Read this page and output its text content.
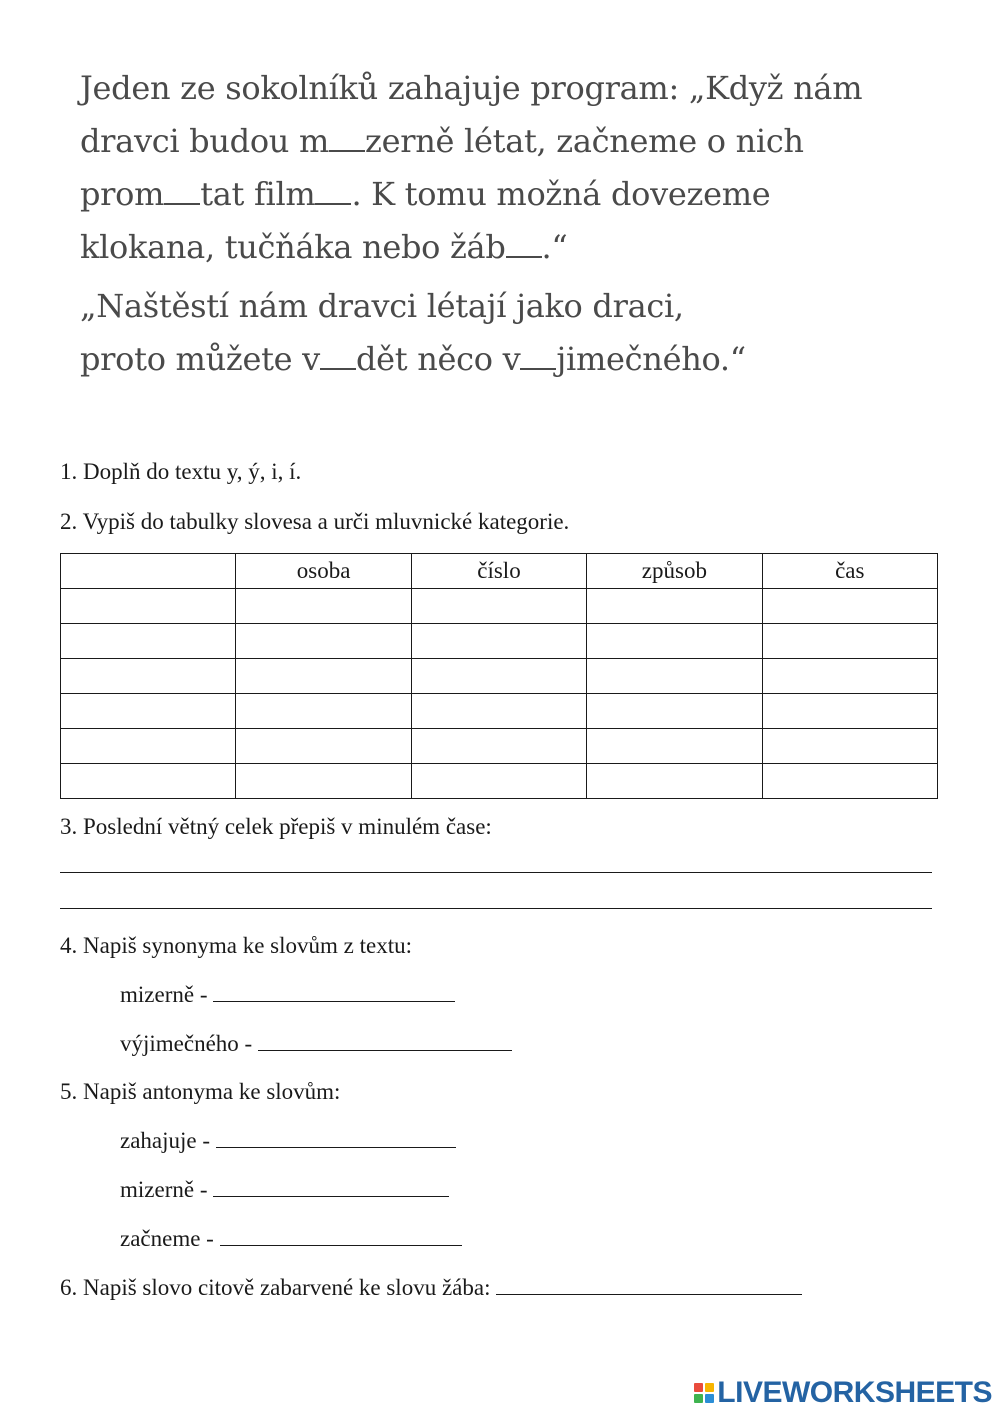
Jeden ze sokolníků zahajuje program: „Když nám
dravci budou m zerně létat, začneme o nich
prom tat film . K tomu možná dovezeme
klokana, tučňáka nebo žáb .“

„Naštěstí nám dravci létají jako draci,
proto můžete v dět něco v jimečného.“

1. Doplň do textu y, ý, i, í.
2. Vypiš do tabulky slovesa a urči mluvnické kategorie.
	osoba	číslo	způsob	čas

3. Poslední větný celek přepiš v minulém čase:
4. Napiš synonyma ke slovům z textu:
mizerně -
výjimečného -
5. Napiš antonyma ke slovům:
zahajuje -
mizerně -
začneme -
6. Napiš slovo citově zabarvené ke slovu žába:
LIVEWORKSHEETS
